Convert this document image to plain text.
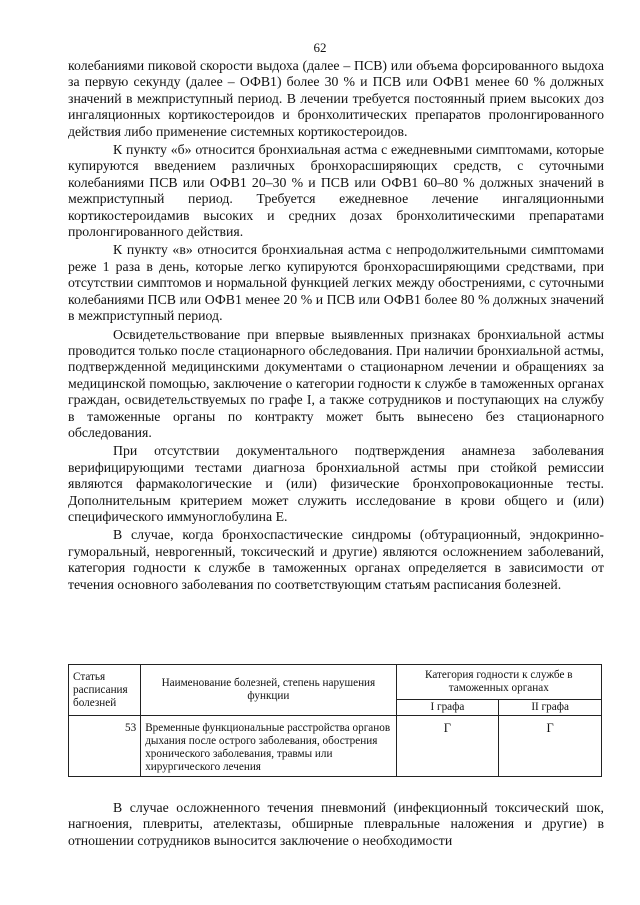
62

колебаниями пиковой скорости выдоха (далее – ПСВ) или объема форсированного выдоха за первую секунду (далее – ОФВ1) более 30 % и ПСВ или ОФВ1 менее 60 % должных значений в межприступный период. В лечении требуется постоянный прием высоких доз ингаляционных кортикостероидов и бронхолитических препаратов пролонгированного действия либо применение системных кортикостероидов.

К пункту «б» относится бронхиальная астма с ежедневными симптомами, которые купируются введением различных бронхорасширяющих средств, с суточными колебаниями ПСВ или ОФВ1 20–30 % и ПСВ или ОФВ1 60–80 % должных значений в межприступный период. Требуется ежедневное лечение ингаляционными кортикостероидамив высоких и средних дозах бронхолитическими препаратами пролонгированного действия.

К пункту «в» относится бронхиальная астма с непродолжительными симптомами реже 1 раза в день, которые легко купируются бронхорасширяющими средствами, при отсутствии симптомов и нормальной функцией легких между обострениями, с суточными колебаниями ПСВ или ОФВ1 менее 20 % и ПСВ или ОФВ1 более 80 % должных значений в межприступный период.

Освидетельствование при впервые выявленных признаках бронхиальной астмы проводится только после стационарного обследования. При наличии бронхиальной астмы, подтвержденной медицинскими документами о стационарном лечении и обращениях за медицинской помощью, заключение о категории годности к службе в таможенных органах граждан, освидетельствуемых по графе I, а также сотрудников и поступающих на службу в таможенные органы по контракту может быть вынесено без стационарного обследования.

При отсутствии документального подтверждения анамнеза заболевания верифицирующими тестами диагноза бронхиальной астмы при стойкой ремиссии являются фармакологические и (или) физические бронхопровокационные тесты. Дополнительным критерием может служить исследование в крови общего и (или) специфического иммуноглобулина Е.

В случае, когда бронхоспастические синдромы (обтурационный, эндокринно-гуморальный, неврогенный, токсический и другие) являются осложнением заболеваний, категория годности к службе в таможенных органах определяется в зависимости от течения основного заболевания по соответствующим статьям расписания болезней.

Статья расписания болезней	Наименование болезней, степень нарушения функции	Категория годности к службе в таможенных органах	
		I графа	II графа
53	Временные функциональные расстройства органов дыхания после острого заболевания, обострения хронического заболевания, травмы или хирургического лечения	Г	Г

В случае осложненного течения пневмоний (инфекционный токсический шок, нагноения, плевриты, ателектазы, обширные плевральные наложения и другие) в отношении сотрудников выносится заключение о необходимости
